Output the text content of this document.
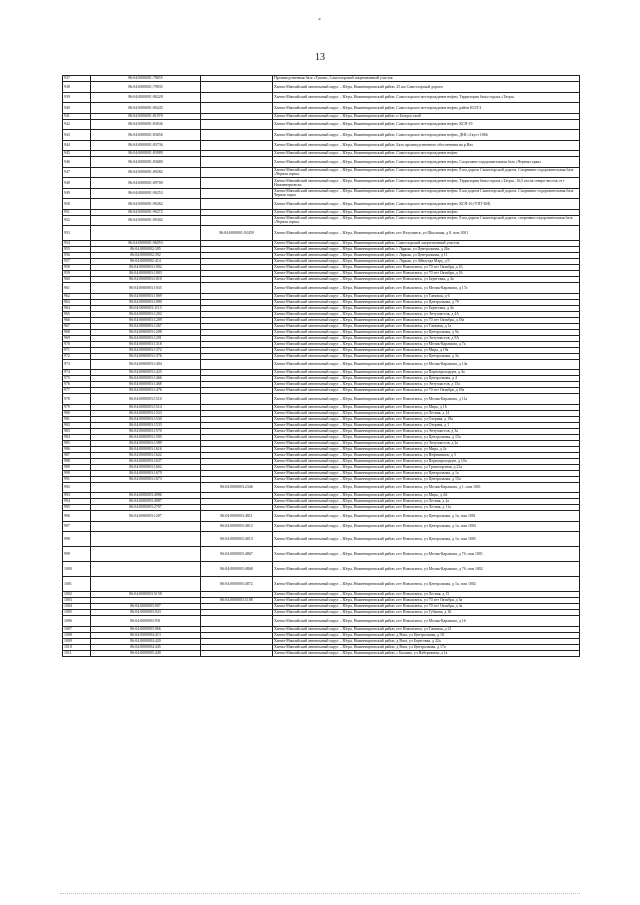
*
13
937	86:04:0000001:78655		Производственная база «Туман», Самотлорский лицензионный участок
938	86:04:0000001:79835		Ханты-Мансийский автономный округ – Югра, Нижневартовский район, 25 км Самотлорской дороги
939	86:04:0000001:80228		Ханты-Мансийский автономный округ – Югра, Нижневартовский район, Самотлорское месторождение нефти, Территория базы отдыха «Татра»
940	86:04:0000001:80245		Ханты-Мансийский автономный округ – Югра, Нижневартовский район, Самотлорское месторождение нефти, район КСП-2
941	86:04:0000001:81970		Ханты-Мансийский автономный округ – Югра, Нижневартовский район, п Белорусский
942	86:04:0000001:83636		Ханты-Мансийский автономный округ – Югра, Нижневартовский район, Самотлорское месторождение нефти, КСП-19
943	86:04:0000001:83656		Ханты-Мансийский автономный округ – Югра, Нижневартовский район, Самотлорское месторождение нефти, ДНС-4 куст 1066
944	86:04:0000001:83736		Ханты-Мансийский автономный округ – Югра, Нижневартовский район, База производственного обеспечения на р.Вах
945	86:04:0000001:83989		Ханты-Мансийский автономный округ – Югра, Нижневартовский район, Самотлорское месторождение нефти
946	86:04:0000001:83680		Ханты-Мансийский автономный округ – Югра, Нижневартовский район, Самотлорское месторождение нефти, Спортивно-оздоровительная база «Черная горка»
947	86:04:0000001:89282		Ханты-Мансийский автономный округ – Югра, Нижневартовский район, Самотлорское месторождение нефти, 8 км дороги Самотлорской дороги, Спортивно-оздоровительная база «Черная горка»
948	86:04:0000001:89700		Ханты-Мансийский автономный округ – Югра, Нижневартовский район, Самотлорское месторождение нефти, Территория базы отдыха «Татра», 16,5 км на северо-восток от г Нижневартовска
949	86:04:0000001:90253		Ханты-Мансийский автономный округ – Югра, Нижневартовский район, Самотлорское месторождение нефти, 8 км дороги Самотлорской дороги, Спортивно-оздоровительная база Черная горка
950	86:04:0000001:90262		Ханты-Мансийский автономный округ – Югра, Нижневартовский район, Самотлорское месторождение нефти, КСП-16 (УПТ-БИ)
951	86:04:0000001:90272		Ханты-Мансийский автономный округ – Югра, Нижневартовский район, Самотлорское месторождение нефти
952	86:04:0000001:90302		Ханты-Мансийский автономный округ – Югра, Нижневартовский район, Самотлорское месторождение нефти, 8 км дороги Самотлорской дороги, спортивно-оздоровительная база «Черная горка»
953		86:04:0000001:92459	Ханты-Мансийский автономный округ – Югра, Нижневартовский район, пгт Излучинск, ул Школьная, д 8, пом 1001
954	86:04:0000001:96053		Ханты-Мансийский автономный округ – Югра, Нижневартовский район, Самотлорский лицензионный участок
955	86:04:0000002:305		Ханты-Мансийский автономный округ – Югра, Нижневартовский район, с Ларьяк, ул Центральная, д 26а
956	86:04:0000002:392		Ханты-Мансийский автономный округ – Югра, Нижневартовский район, с Ларьяк, ул Центральная, д 11
957	86:04:0000002:414		Ханты-Мансийский автономный округ – Югра, Нижневартовский район, с Ларьяк, ул Айваседа Мэру, д 9
958	86:04:0000003:1002		Ханты-Мансийский автономный округ – Югра, Нижневартовский район, пгт Новоаганск, ул 70 лет Октября, д 16
959	86:04:0000003:1003		Ханты-Мансийский автономный округ – Югра, Нижневартовский район, пгт Новоаганск, ул 70 лет Октября, д 16
960	86:04:0000003:1010		Ханты-Мансийский автономный округ – Югра, Нижневартовский район, пгт Новоаганск, ул Береговая, д 3а
961	86:04:0000003:1035		Ханты-Мансийский автономный округ – Югра, Нижневартовский район, пгт Новоаганск, ул Мелик-Карамова, д 17а
962	86:04:0000003:1069		Ханты-Мансийский автономный округ – Югра, Нижневартовский район, пгт Новоаганск, ул Таежная, д 6
963	86:04:0000003:1090		Ханты-Мансийский автономный округ – Югра, Нижневартовский район, пгт Новоаганск, ул Центральная, д 7б
964	86:04:0000003:1113		Ханты-Мансийский автономный округ – Югра, Нижневартовский район, пгт Новоаганск, ул Береговая, д 4а
965	86:04:0000003:1202		Ханты-Мансийский автономный округ – Югра, Нижневартовский район, пгт Новоаганск, ул Энтузиастов, д 4А
966	86:04:0000003:1209		Ханты-Мансийский автономный округ – Югра, Нижневартовский район, пгт Новоаганск, ул 70 лет Октября, д 18а
967	86:04:0000003:1267		Ханты-Мансийский автономный округ – Югра, Нижневартовский район, пгт Новоаганск, ул Таежная, д 1а
968	86:04:0000003:1288		Ханты-Мансийский автономный округ – Югра, Нижневартовский район, пгт Новоаганск, ул Центральная, д 9а
969	86:04:0000003:1291		Ханты-Мансийский автономный округ – Югра, Нижневартовский район, пгт Новоаганск, ул Энтузиастов, д 9А
970	86:04:0000003:1318		Ханты-Мансийский автономный округ – Югра, Нижневартовский район, пгт Новоаганск, ул Мелик-Карамова, д 7а
971	86:04:0000003:1372		Ханты-Мансийский автономный округ – Югра, Нижневартовский район, пгт Новоаганск, ул Мира, д 18а
972	86:04:0000003:1376		Ханты-Мансийский автономный округ – Югра, Нижневартовский район, пгт Новоаганск, ул Центральная, д 3а
973	86:04:0000003:1404		Ханты-Мансийский автономный округ – Югра, Нижневартовский район, пгт Новоаганск, ул Мелик-Карамова, д 14а
974	86:04:0000003:1425		Ханты-Мансийский автономный округ – Югра, Нижневартовский район, пгт Новоаганск, ул Первопроходцев, д 4а
975	86:04:0000003:1466		Ханты-Мансийский автономный округ – Югра, Нижневартовский район, пгт Новоаганск, ул Центральная, д 4
976	86:04:0000003:1468		Ханты-Мансийский автономный округ – Югра, Нижневартовский район, пгт Новоаганск, ул Энтузиастов, д 15а
977	86:04:0000003:1476		Ханты-Мансийский автономный округ – Югра, Нижневартовский район, пгт Новоаганск, ул 70 лет Октября, д 18а
978	86:04:0000003:1510		Ханты-Мансийский автономный округ – Югра, Нижневартовский район, пгт Новоаганск, ул Мелик-Карамова, д 11а
979	86:04:0000003:1514		Ханты-Мансийский автономный округ – Югра, Нижневартовский район, пгт Новоаганск, ул Мира, д 16
980	86:04:0000003:1523		Ханты-Мансийский автономный округ – Югра, Нижневартовский район, пгт Новоаганск, ул Лесная, д 14
981	86:04:0000003:1530		Ханты-Мансийский автономный округ – Югра, Нижневартовский район, пгт Новоаганск, ул Озерная, д 19а
982	86:04:0000003:1533		Ханты-Мансийский автономный округ – Югра, Нижневартовский район, пгт Новоаганск, ул Озерная, д 1
983	86:04:0000003:1570		Ханты-Мансийский автономный округ – Югра, Нижневартовский район, пгт Новоаганск, ул Энтузиастов, д 3а
984	86:04:0000003:1585		Ханты-Мансийский автономный округ – Югра, Нижневартовский район, пгт Новоаганск, ул Центральная, д 15а
985	86:04:0000003:1589		Ханты-Мансийский автономный округ – Югра, Нижневартовский район, пгт Новоаганск, ул Энтузиастов, д 2а
986	86:04:0000003:1616		Ханты-Мансийский автономный округ – Югра, Нижневартовский район, пгт Новоаганск, ул Мира, д 2а
987	86:04:0000003:1622		Ханты-Мансийский автономный округ – Югра, Нижневартовский район, пгт Новоаганск, ул Нефтяников, д 3
988	86:04:0000003:1637		Ханты-Мансийский автономный округ – Югра, Нижневартовский район, пгт Новоаганск, ул Первопроходцев, д 10а
989	86:04:0000003:1662		Ханты-Мансийский автономный округ – Югра, Нижневартовский район, пгт Новоаганск, ул Транспортная, д 21а
990	86:04:0000003:1670		Ханты-Мансийский автономный округ – Югра, Нижневартовский район, пгт Новоаганск, ул Центральная, д 1а
991	86:04:0000003:1673		Ханты-Мансийский автономный округ – Югра, Нижневартовский район, пгт Новоаганск, ул Центральная, д 15а
992		86:04:0000003:2346	Ханты-Мансийский автономный округ – Югра, Нижневартовский район, пгт Новоаганск, ул Мелик-Карамова, д 1, пом 1001
993	86:04:0000003:4986		Ханты-Мансийский автономный округ – Югра, Нижневартовский район, пгт Новоаганск, ул Мира, д 4А
994	86:04:0000003:4987		Ханты-Мансийский автономный округ – Югра, Нижневартовский район, пгт Новоаганск, ул Лесная, д 2а
995	86:04:0000003:2707		Ханты-Мансийский автономный округ – Югра, Нижневартовский район, пгт Новоаганск, ул Лесная, д 11а
996	86:04:0000003:1287	86:04:0000003:4811	Ханты-Мансийский автономный округ – Югра, Нижневартовский район, пгт Новоаганск, ул Центральная, д 1а, пом 1001
997		86:04:0000003:4812	Ханты-Мансийский автономный округ – Югра, Нижневартовский район, пгт Новоаганск, ул Центральная, д 1а, пом 1004
998		86:04:0000003:4813	Ханты-Мансийский автономный округ – Югра, Нижневартовский район, пгт Новоаганск, ул Центральная, д 1а, пом 1005
999		86:04:0000003:4867	Ханты-Мансийский автономный округ – Югра, Нижневартовский район, пгт Новоаганск, ул Мелик-Карамова, д 7б, пом 1001
1000		86:04:0000003:4868	Ханты-Мансийский автономный округ – Югра, Нижневартовский район, пгт Новоаганск, ул Мелик-Карамова, д 7б, пом 1002
1001		86:04:0000003:4872	Ханты-Мансийский автономный округ – Югра, Нижневартовский район, пгт Новоаганск, ул Центральная, д 1а, пом 1002
1002	86:04:0000003:5158		Ханты-Мансийский автономный округ – Югра, Нижневартовский район, пгт Новоаганск, ул Лесная, д 15
1003		86:04:0000003:5188	Ханты-Мансийский автономный округ – Югра, Нижневартовский район, пгт Новоаганск, ул 70 лет Октября, д 3а
1004	86:04:0000003:907		Ханты-Мансийский автономный округ – Югра, Нижневартовский район, пгт Новоаганск, ул 70 лет Октября, д 3а
1005	86:04:0000003:923		Ханты-Мансийский автономный округ – Югра, Нижневартовский район, пгт Новоаганск, ул Губкина, д 16
1006	86:04:0000003:931		Ханты-Мансийский автономный округ – Югра, Нижневартовский район, пгт Новоаганск, ул Мелик-Карамова, д 16
1007	86:04:0000003:966		Ханты-Мансийский автономный округ – Югра, Нижневартовский район, пгт Новоаганск, ул Таежная, д 21
1008	86:04:0000004:413		Ханты-Мансийский автономный округ – Югра, Нижневартовский район, д Вата, ул Центральная, д 18
1009	86:04:0000004:420		Ханты-Мансийский автономный округ – Югра, Нижневартовский район, д Вата, ул Береговая, д 22а
1010	86:04:0000004:445		Ханты-Мансийский автономный округ – Югра, Нижневартовский район, д Вата, ул Центральная, д 17а
1011	86:04:0000005:449		Ханты-Мансийский автономный округ – Югра, Нижневартовский район, с Былино, ул Набережная, д 1а
